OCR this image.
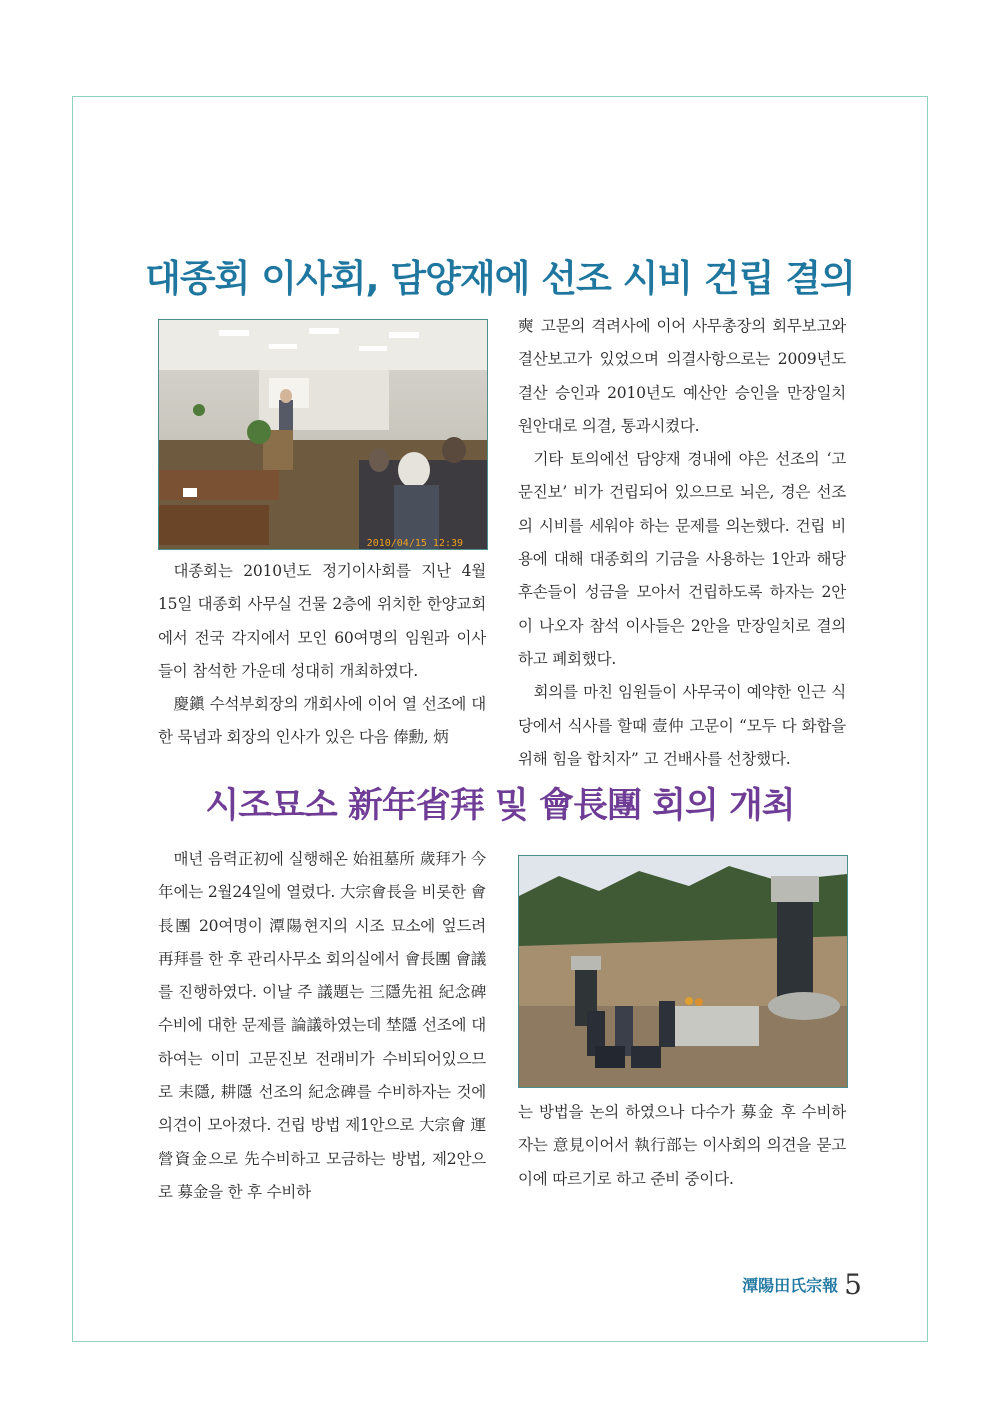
대종회 이사회, 담양재에 선조 시비 건립 결의
2010/04/15 12:39

대종회는 2010년도 정기이사회를 지난 4월 15일 대종회 사무실 건물 2층에 위치한 한양교회에서 전국 각지에서 모인 60여명의 임원과 이사들이 참석한 가운데 성대히 개최하였다.

慶鎭 수석부회장의 개회사에 이어 열 선조에 대한 묵념과 회장의 인사가 있은 다음 俸勳, 炳

奭 고문의 격려사에 이어 사무총장의 회무보고와 결산보고가 있었으며 의결사항으로는 2009년도 결산 승인과 2010년도 예산안 승인을 만장일치 원안대로 의결, 통과시켰다.

기타 토의에선 담양재 경내에 야은 선조의 ‘고문진보’ 비가 건립되어 있으므로 뇌은, 경은 선조의 시비를 세워야 하는 문제를 의논했다. 건립 비용에 대해 대종회의 기금을 사용하는 1안과 해당 후손들이 성금을 모아서 건립하도록 하자는 2안이 나오자 참석 이사들은 2안을 만장일치로 결의하고 폐회했다.

회의를 마친 임원들이 사무국이 예약한 인근 식당에서 식사를 할때 壹仲 고문이 “모두 다 화합을 위해 힘을 합치자” 고 건배사를 선창했다.

시조묘소 新年省拜 및 會長團 회의 개최

매년 음력正初에 실행해온 始祖墓所 歲拜가 今年에는 2월24일에 열렸다. 大宗會長을 비롯한 會長團 20여명이 潭陽현지의 시조 묘소에 엎드려 再拜를 한 후 관리사무소 회의실에서 會長團 會議를 진행하였다. 이날 주 議題는 三隱先祖 紀念碑 수비에 대한 문제를 論議하였는데 埜隱 선조에 대하여는 이미 고문진보 전래비가 수비되어있으므로 耒隱, 耕隱 선조의 紀念碑를 수비하자는 것에 의견이 모아졌다. 건립 방법 제1안으로 大宗會 運營資金으로 先수비하고 모금하는 방법, 제2안으로 募金을 한 후 수비하

는 방법을 논의 하였으나 다수가 募金 후 수비하자는 意見이어서 執行部는 이사회의 의견을 묻고 이에 따르기로 하고 준비 중이다.

潭陽田氏宗報 5
